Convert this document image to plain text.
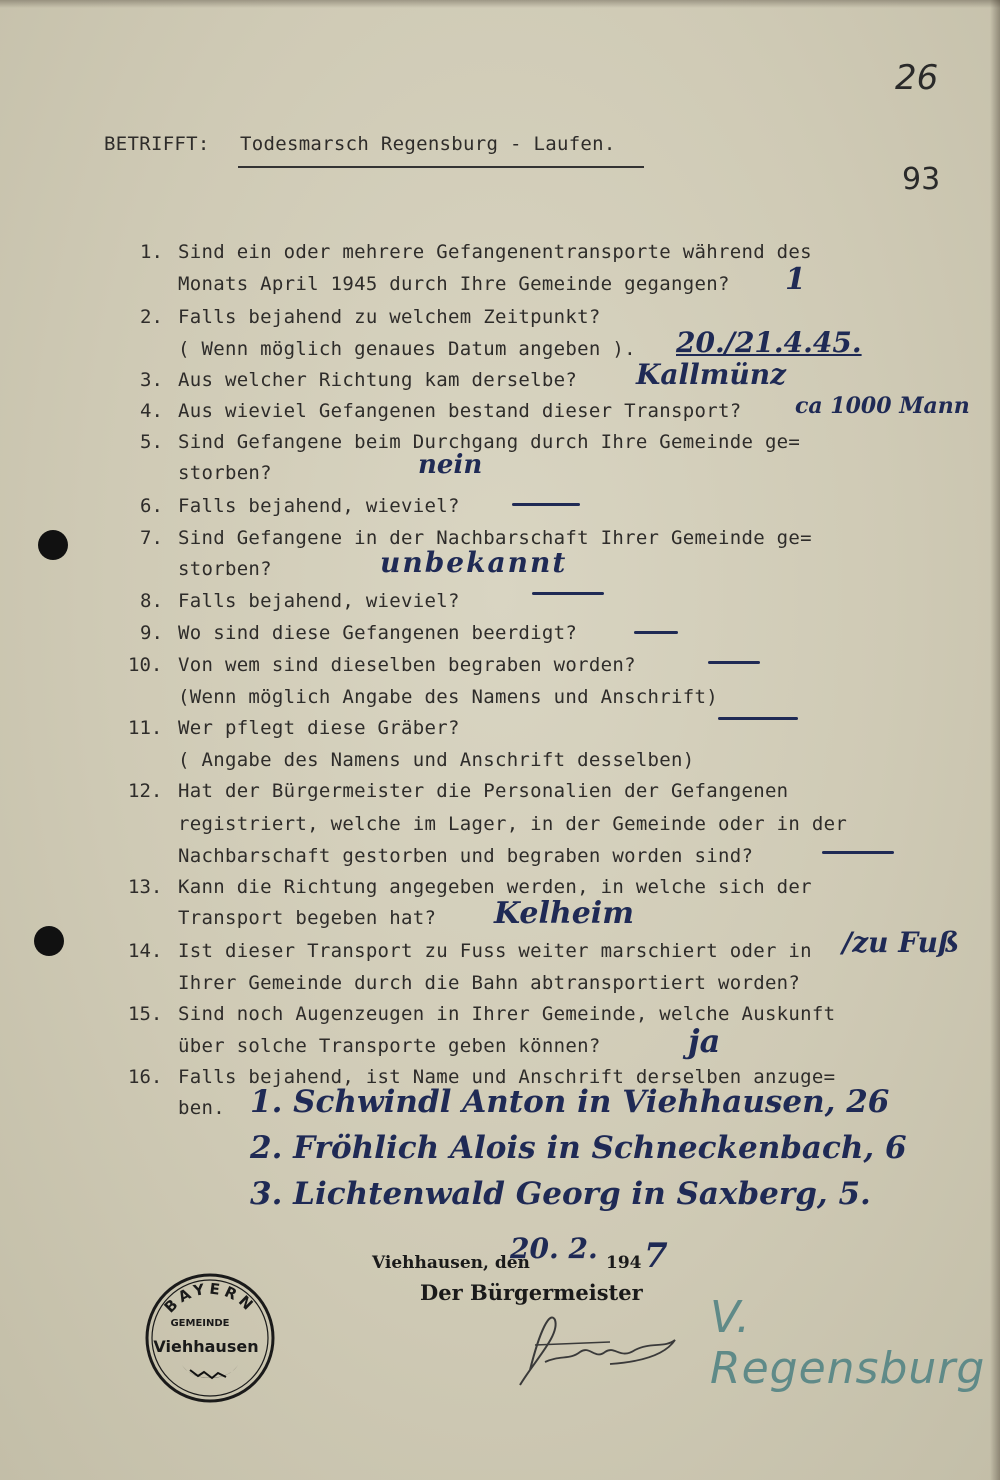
BETRIFFT: Todesmarsch Regensburg - Laufen.
26
93
1. Sind ein oder mehrere Gefangenentransporte während des
Monats April 1945 durch Ihre Gemeinde gegangen? 1
2. Falls bejahend zu welchem Zeitpunkt?
( Wenn möglich genaues Datum angeben ). 20./21.4.45.
3. Aus welcher Richtung kam derselbe? Kallmünz
4. Aus wieviel Gefangenen bestand dieser Transport? ca 1000 Mann
5. Sind Gefangene beim Durchgang durch Ihre Gemeinde ge=
storben?	nein
6. Falls bejahend, wieviel?
7. Sind Gefangene in der Nachbarschaft Ihrer Gemeinde ge=
storben?	unbekannt
8. Falls bejahend, wieviel?
9. Wo sind diese Gefangenen beerdigt?
10. Von wem sind dieselben begraben worden?
(Wenn möglich Angabe des Namens und Anschrift)
11. Wer pflegt diese Gräber?
( Angabe des Namens und Anschrift desselben)
12. Hat der Bürgermeister die Personalien der Gefangenen
registriert, welche im Lager, in der Gemeinde oder in der
Nachbarschaft gestorben und begraben worden sind?
13. Kann die Richtung angegeben werden, in welche sich der
Transport begeben hat? Kelheim
14. Ist dieser Transport zu Fuss weiter marschiert oder in
Ihrer Gemeinde durch die Bahn abtransportiert worden?
/zu Fuß
15. Sind noch Augenzeugen in Ihrer Gemeinde, welche Auskunft
über solche Transporte geben können?	ja
16. Falls bejahend, ist Name und Anschrift derselben anzuge=
ben. 1. Schwindl Anton in Viehhausen, 26
2. Fröhlich Alois in Schneckenbach, 6
3. Lichtenwald Georg in Saxberg, 5.
Viehhausen, den
20. 2. 194 7
Der Bürgermeister V. Regensburg
BAYERN
GEMEINDE
Viehhausen
